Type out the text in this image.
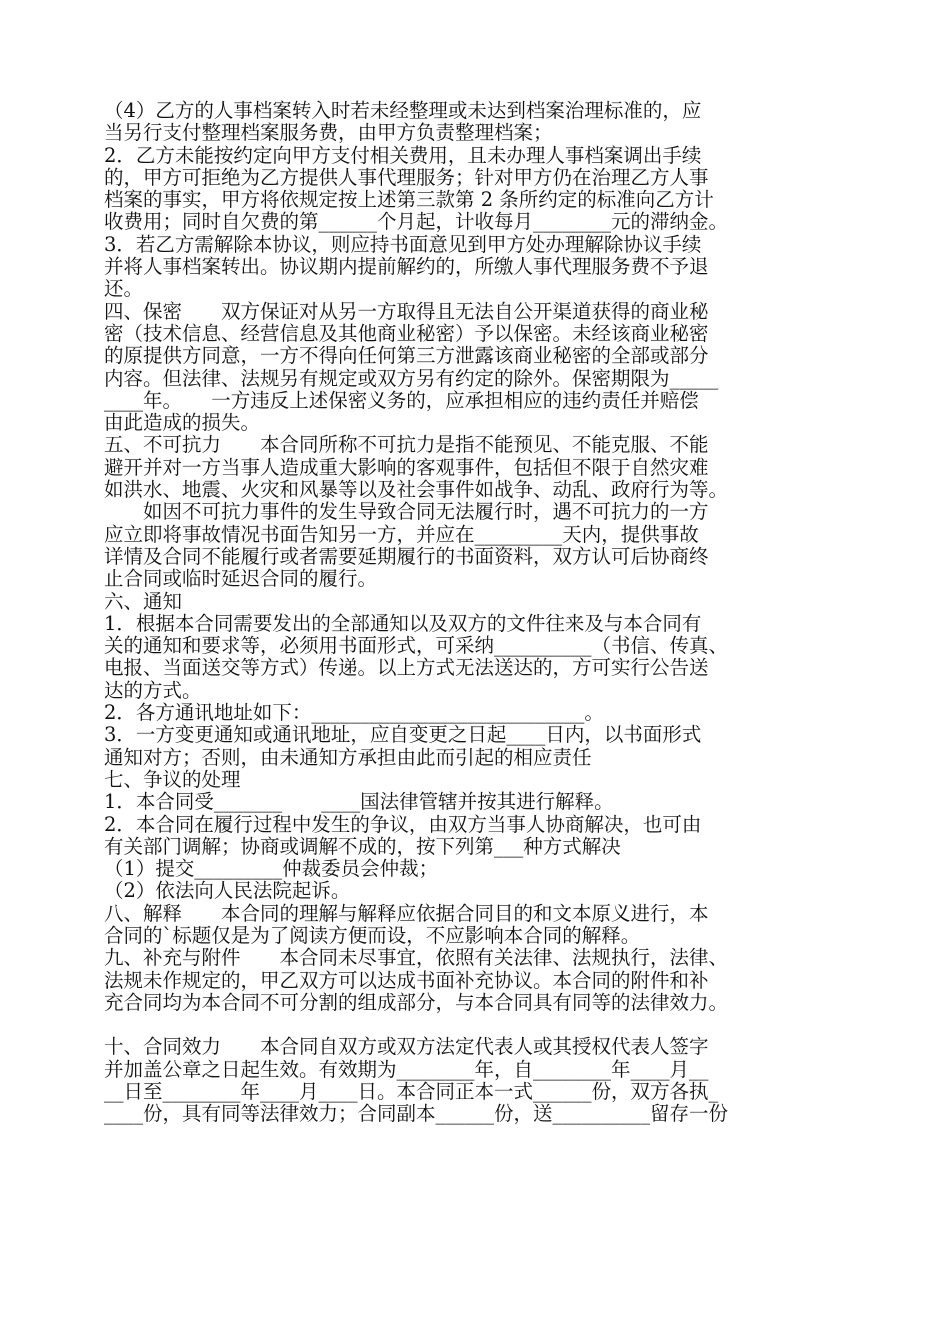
（4）乙方的人事档案转入时若未经整理或未达到档案治理标准的，应
当另行支付整理档案服务费，由甲方负责整理档案；
2．乙方未能按约定向甲方支付相关费用，且未办理人事档案调出手续
的，甲方可拒绝为乙方提供人事代理服务；针对甲方仍在治理乙方人事
档案的事实，甲方将依规定按上述第三款第 2 条所约定的标准向乙方计
收费用；同时自欠费的第______个月起，计收每月________元的滞纳金。
3．若乙方需解除本协议，则应持书面意见到甲方处办理解除协议手续
并将人事档案转出。协议期内提前解约的，所缴人事代理服务费不予退
还。
四、保密　　双方保证对从另一方取得且无法自公开渠道获得的商业秘
密（技术信息、经营信息及其他商业秘密）予以保密。未经该商业秘密
的原提供方同意，一方不得向任何第三方泄露该商业秘密的全部或部分
内容。但法律、法规另有规定或双方另有约定的除外。保密期限为_____
____年。　　一方违反上述保密义务的，应承担相应的违约责任并赔偿
由此造成的损失。
五、不可抗力　　本合同所称不可抗力是指不能预见、不能克服、不能
避开并对一方当事人造成重大影响的客观事件，包括但不限于自然灾难
如洪水、地震、火灾和风暴等以及社会事件如战争、动乱、政府行为等。
　　如因不可抗力事件的发生导致合同无法履行时，遇不可抗力的一方
应立即将事故情况书面告知另一方，并应在_________天内，提供事故
详情及合同不能履行或者需要延期履行的书面资料，双方认可后协商终
止合同或临时延迟合同的履行。
六、通知
1．根据本合同需要发出的全部通知以及双方的文件往来及与本合同有
关的通知和要求等，必须用书面形式，可采纳__________（书信、传真、
电报、当面送交等方式）传递。以上方式无法送达的，方可实行公告送
达的方式。
2．各方通讯地址如下：____________________________。
3．一方变更通知或通讯地址，应自变更之日起____日内，以书面形式
通知对方；否则，由未通知方承担由此而引起的相应责任
七、争议的处理
1．本合同受_______　　____国法律管辖并按其进行解释。
2．本合同在履行过程中发生的争议，由双方当事人协商解决，也可由
有关部门调解；协商或调解不成的，按下列第___种方式解决
（1）提交_________仲裁委员会仲裁；
（2）依法向人民法院起诉。
八、解释　　本合同的理解与解释应依据合同目的和文本原义进行，本
合同的`标题仅是为了阅读方便而设，不应影响本合同的解释。
九、补充与附件　　本合同未尽事宜，依照有关法律、法规执行，法律、
法规未作规定的，甲乙双方可以达成书面补充协议。本合同的附件和补
充合同均为本合同不可分割的组成部分，与本合同具有同等的法律效力。
十、合同效力　　本合同自双方或双方法定代表人或其授权代表人签字
并加盖公章之日起生效。有效期为________年，自________年____月__
__日至________年____月____日。本合同正本一式______份，双方各执_
____份，具有同等法律效力；合同副本______份，送__________留存一份
